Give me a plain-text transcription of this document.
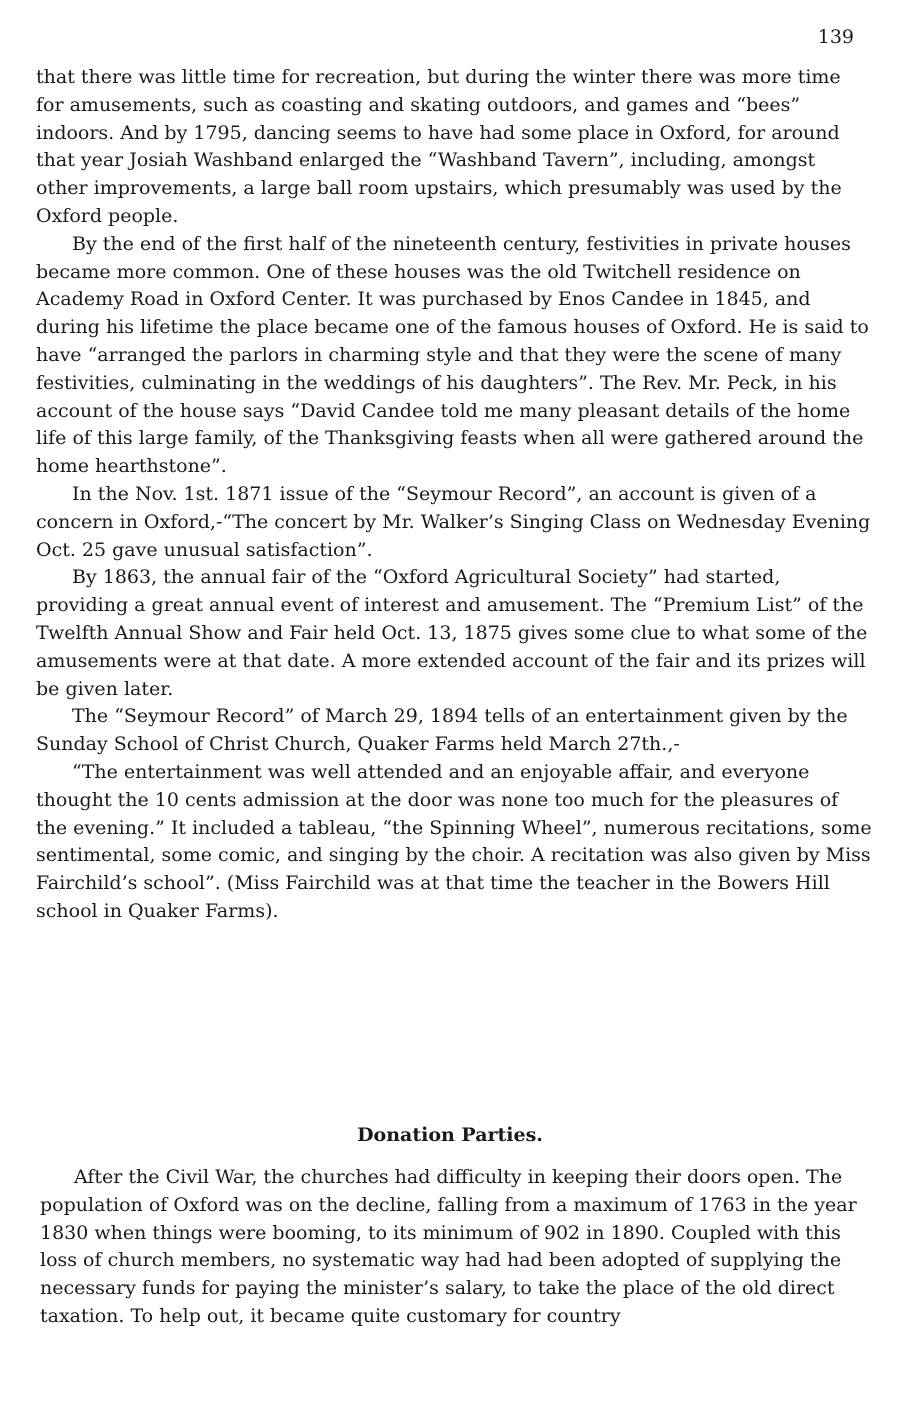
139

that there was little time for recreation, but during the winter there was more time for amusements, such as coasting and skating outdoors, and games and “bees” indoors. And by 1795, dancing seems to have had some place in Oxford, for around that year Josiah Washband enlarged the “Washband Tavern”, including, amongst other improvements, a large ball room upstairs, which presumably was used by the Oxford people.

By the end of the first half of the nineteenth century, festivities in private houses became more common. One of these houses was the old Twitchell residence on Academy Road in Oxford Center. It was purchased by Enos Candee in 1845, and during his lifetime the place became one of the famous houses of Oxford. He is said to have “arranged the parlors in charming style and that they were the scene of many festivities, culminating in the weddings of his daughters”. The Rev. Mr. Peck, in his account of the house says “David Candee told me many pleasant details of the home life of this large family, of the Thanksgiving feasts when all were gathered around the home hearthstone”.

In the Nov. 1st. 1871 issue of the “Seymour Record”, an account is given of a concern in Oxford,-“The concert by Mr. Walker’s Singing Class on Wednesday Evening Oct. 25 gave unusual satisfaction”.

By 1863, the annual fair of the “Oxford Agricultural Society” had started, providing a great annual event of interest and amusement. The “Premium List” of the Twelfth Annual Show and Fair held Oct. 13, 1875 gives some clue to what some of the amusements were at that date. A more extended account of the fair and its prizes will be given later.

The “Seymour Record” of March 29, 1894 tells of an entertainment given by the Sunday School of Christ Church, Quaker Farms held March 27th.,-

“The entertainment was well attended and an enjoyable affair, and everyone thought the 10 cents admission at the door was none too much for the pleasures of the evening.” It included a tableau, “the Spinning Wheel”, numerous recitations, some sentimental, some comic, and singing by the choir. A recitation was also given by Miss Fairchild’s school”. (Miss Fairchild was at that time the teacher in the Bowers Hill school in Quaker Farms).

Donation Parties.

After the Civil War, the churches had difficulty in keeping their doors open. The population of Oxford was on the decline, falling from a maximum of 1763 in the year 1830 when things were booming, to its minimum of 902 in 1890. Coupled with this loss of church members, no systematic way had had been adopted of supplying the necessary funds for paying the minister’s salary, to take the place of the old direct taxation. To help out, it became quite customary for country
